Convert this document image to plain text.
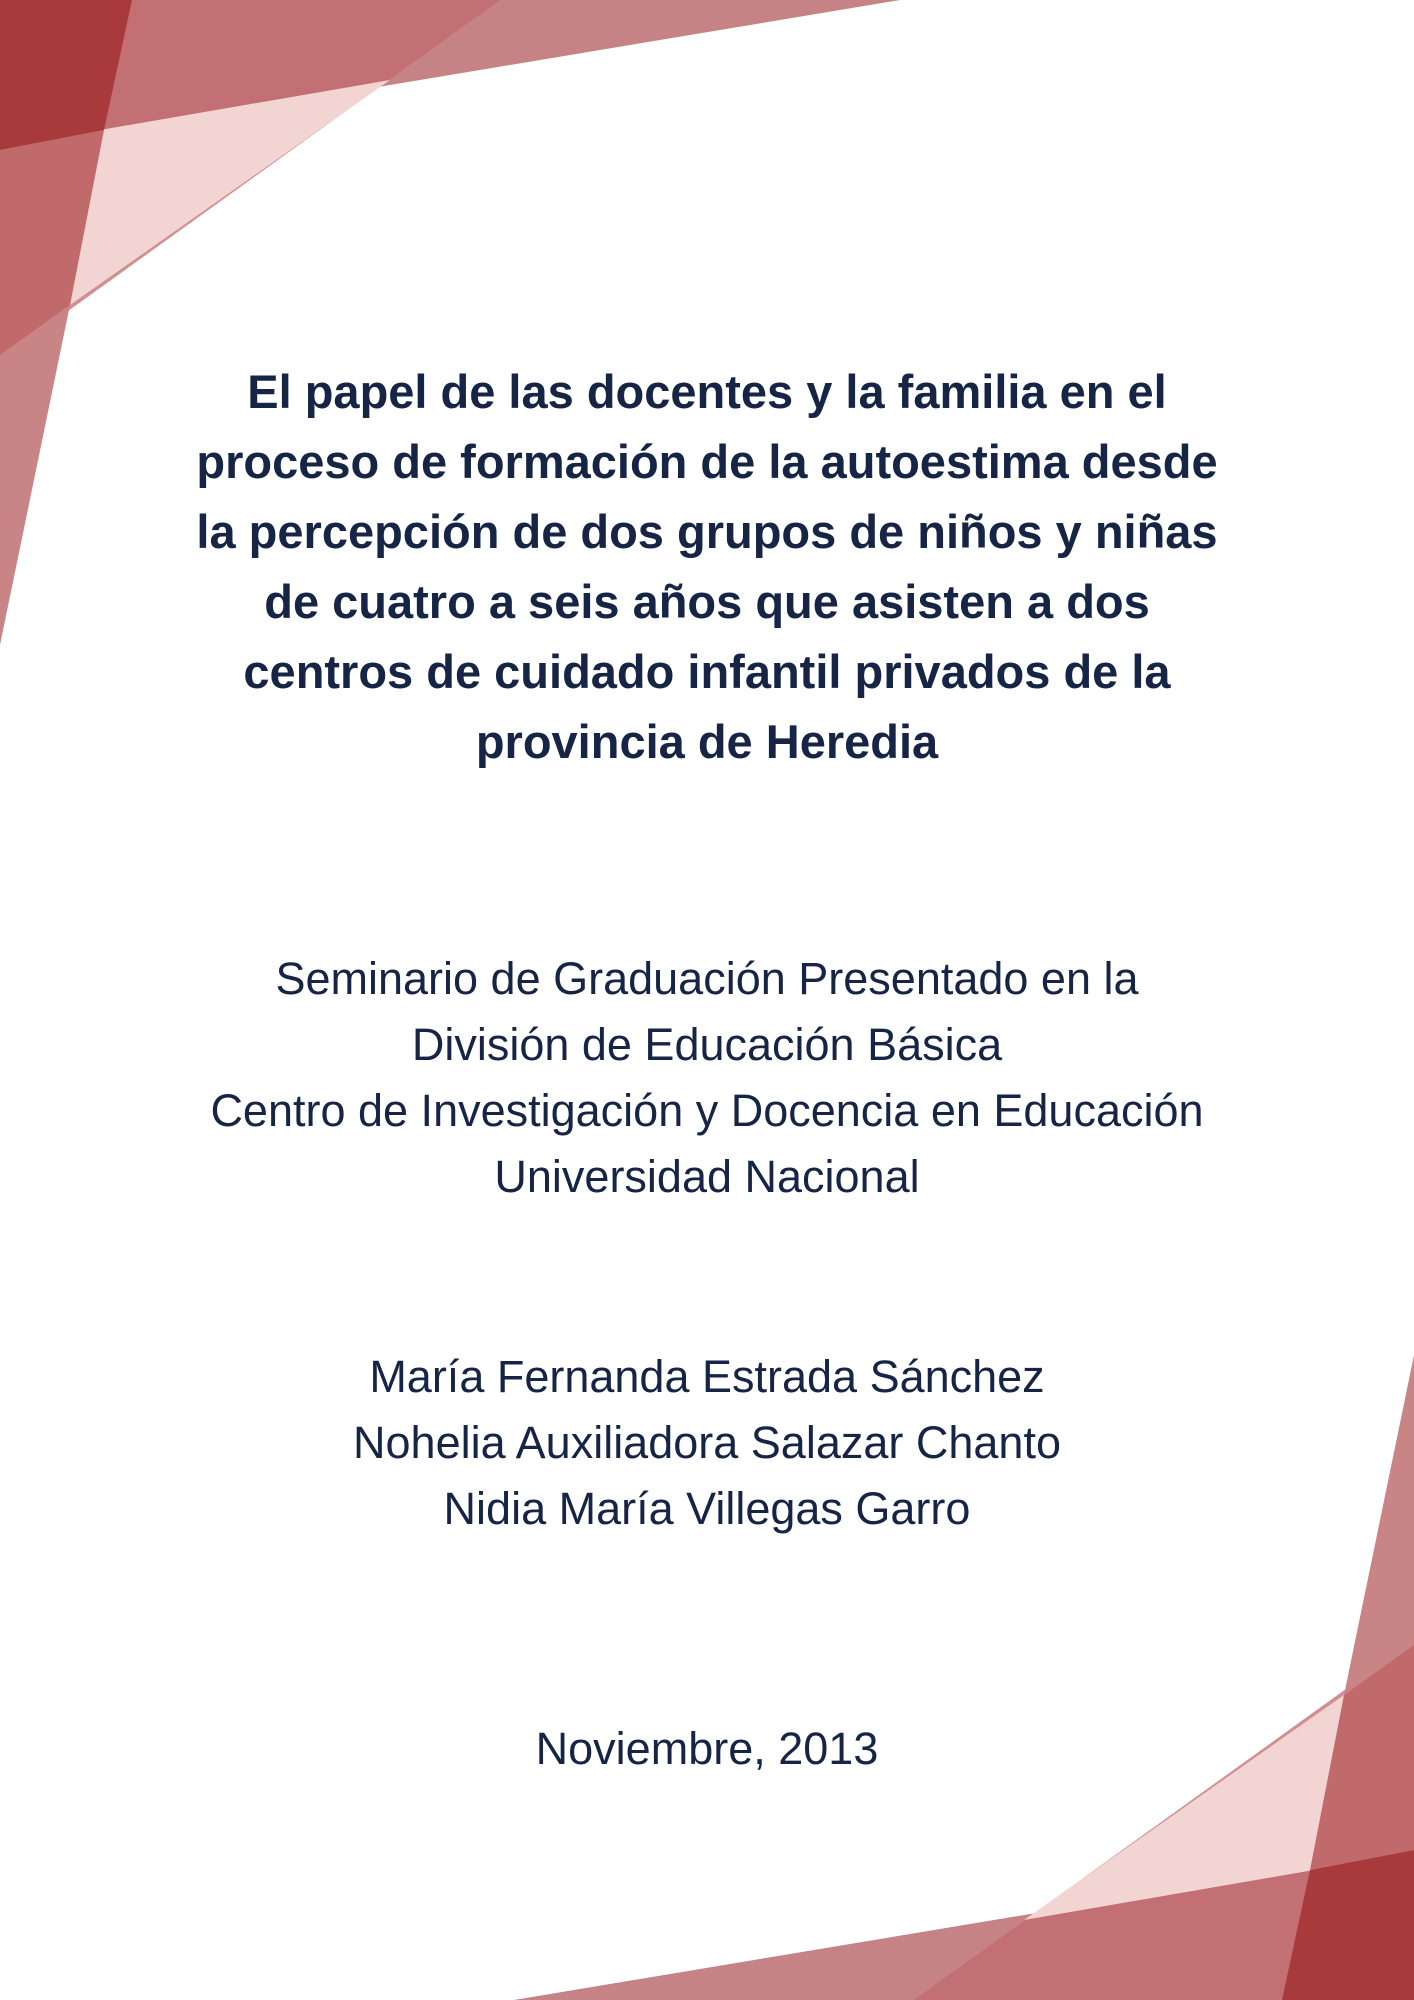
El papel de las docentes y la familia en el
proceso de formación de la autoestima desde
la percepción de dos grupos de niños y niñas
de cuatro a seis años que asisten a dos
centros de cuidado infantil privados de la
provincia de Heredia
Seminario de Graduación Presentado en la
División de Educación Básica
Centro de Investigación y Docencia en Educación
Universidad Nacional
María Fernanda Estrada Sánchez
Nohelia Auxiliadora Salazar Chanto
Nidia María Villegas Garro
Noviembre, 2013
